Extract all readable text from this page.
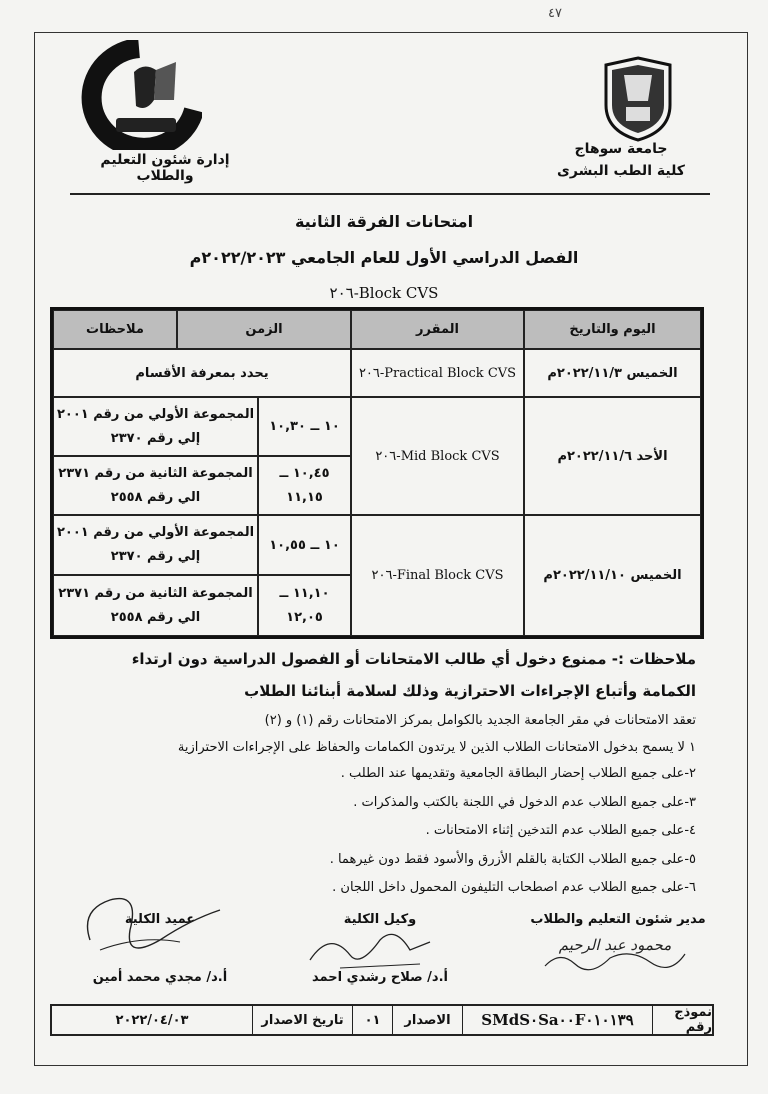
٤٧
إدارة شئون التعليم والطلاب
جامعة سوهاج
كلية الطب البشرى
امتحانات الفرقة الثانية
الفصل الدراسي الأول للعام الجامعي ٢٠٢٢/٢٠٢٣م
Block CVS-٢٠٦
اليوم والتاريخ
المقرر
الزمن
ملاحظات
الخميس ٢٠٢٢/١١/٣م
Practical Block CVS-٢٠٦
يحدد بمعرفة الأقسام
الأحد ٢٠٢٢/١١/٦م
Mid Block CVS-٢٠٦
١٠ ــ ١٠,٣٠
المجموعة الأولي من رقم ٢٠٠١
إلي رقم ٢٣٧٠
١٠,٤٥ ــ
١١,١٥
المجموعة الثانية من رقم ٢٣٧١
الي رقم ٢٥٥٨
الخميس ٢٠٢٢/١١/١٠م
Final Block CVS-٢٠٦
١٠ ــ ١٠,٥٥
المجموعة الأولي من رقم ٢٠٠١
إلي رقم ٢٣٧٠
١١,١٠ ــ
١٢,٠٥
المجموعة الثانية من رقم ٢٣٧١
الي رقم ٢٥٥٨
ملاحظات :- ممنوع دخول أي طالب الامتحانات أو الفصول الدراسية دون ارتداء
الكمامة وأتباع الإجراءات الاحترازية وذلك لسلامة أبنائنا الطلاب
تعقد الامتحانات في مقر الجامعة الجديد بالكوامل بمركز الامتحانات رقم (١) و (٢)
١ لا يسمح بدخول الامتحانات الطلاب الذين لا يرتدون الكمامات والحفاظ على الإجراءات الاحترازية
٢-على جميع الطلاب إحضار البطاقة الجامعية وتقديمها عند الطلب .
٣-على جميع الطلاب عدم الدخول في اللجنة بالكتب والمذكرات .
٤-على جميع الطلاب عدم التدخين إثناء الامتحانات .
٥-على جميع الطلاب الكتابة بالقلم الأزرق والأسود فقط دون غيرهما .
٦-على جميع الطلاب عدم اصطحاب التليفون المحمول داخل اللجان .
مدير شئون التعليم والطلاب
محمود عبد الرحيم
وكيل الكلية
أ.د/ صلاح رشدي احمد
عميد الكلية
أ.د/ مجدي محمد أمين
نموذج رقم
SMdS٠Sa٠٠F٠١٠١٣٩
الاصدار
٠١
تاريخ الاصدار
٢٠٢٢/٠٤/٠٣
